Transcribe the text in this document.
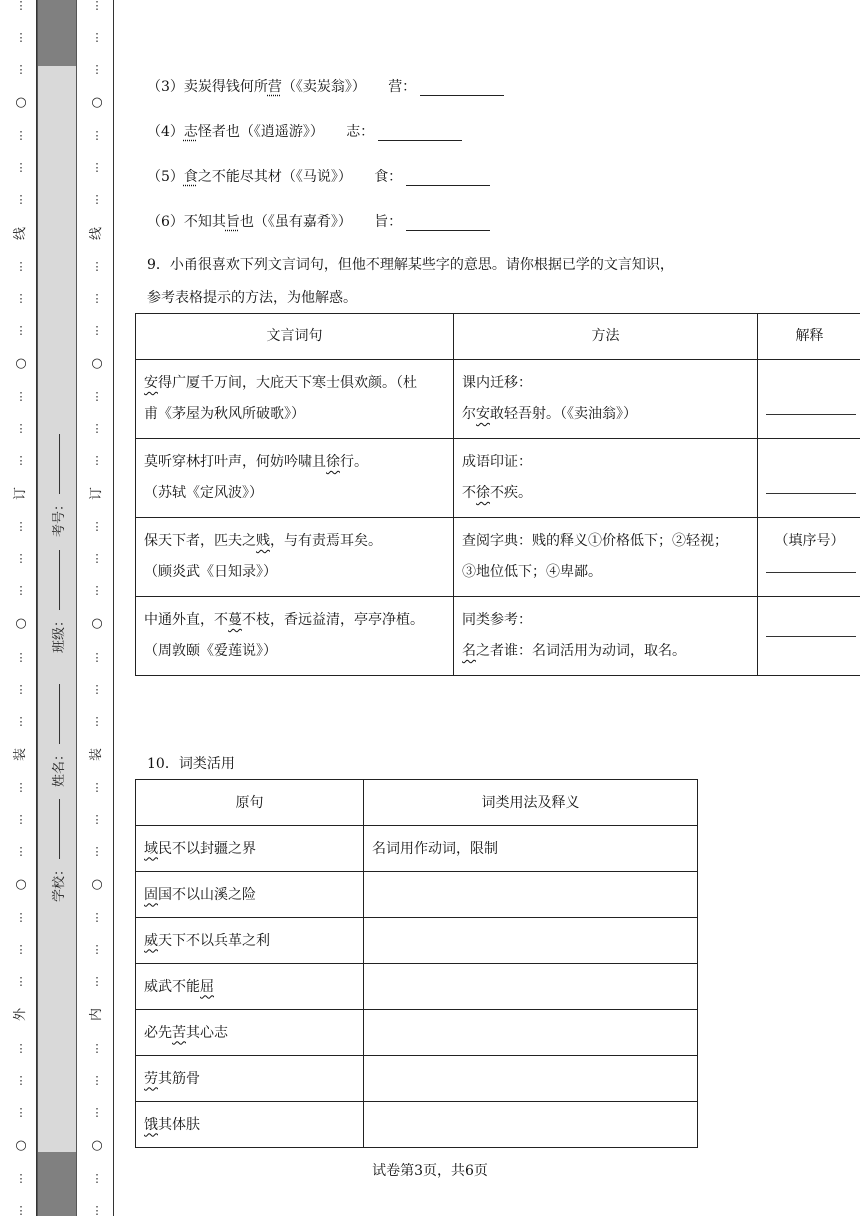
⋮
⋮
⋮
○
⋮
⋮
⋮
线
⋮
⋮
⋮
○
⋮
⋮
⋮
订
⋮
⋮
⋮
○
⋮
⋮
⋮
装
⋮
⋮
⋮
○
⋮
⋮
⋮
外
⋮
⋮
⋮
○
⋮
⋮
⋮
⋮
⋮
○
⋮
⋮
⋮
线
⋮
⋮
⋮
○
⋮
⋮
⋮
订
⋮
⋮
⋮
○
⋮
⋮
⋮
装
⋮
⋮
⋮
○
⋮
⋮
⋮
内
⋮
⋮
⋮
○
⋮
⋮
考号：
班级：
姓名：
学校：
（3）卖炭得钱何所营（《卖炭翁》） 营：
（4）志怪者也（《逍遥游》） 志：
（5）食之不能尽其材（《马说》） 食：
（6）不知其旨也（《虽有嘉肴》） 旨：
9．小甬很喜欢下列文言词句，但他不理解某些字的意思。请你根据已学的文言知识，
参考表格提示的方法，为他解惑。
文言词句	方法	解释
安得广厦千万间，大庇天下寒士俱欢颜。（杜
甫《茅屋为秋风所破歌》）	课内迁移：
尔安敢轻吾射。（《卖油翁》）	

莫听穿林打叶声，何妨吟啸且徐行。
（苏轼《定风波》）	成语印证：
不徐不疾。	

保天下者，匹夫之贱，与有责焉耳矣。
（顾炎武《日知录》）	查阅字典：贱的释义①价格低下；②轻视；
③地位低下；④卑鄙。	（填序号）

中通外直，不蔓不枝，香远益清，亭亭净植。
（周敦颐《爱莲说》）	同类参考：
名之者谁：名词活用为动词，取名。	
10．词类活用
原句	词类用法及释义
域民不以封疆之界	名词用作动词，限制
固国不以山溪之险	
威天下不以兵革之利	
威武不能屈	
必先苦其心志	
劳其筋骨	
饿其体肤	
试卷第3页，共6页
